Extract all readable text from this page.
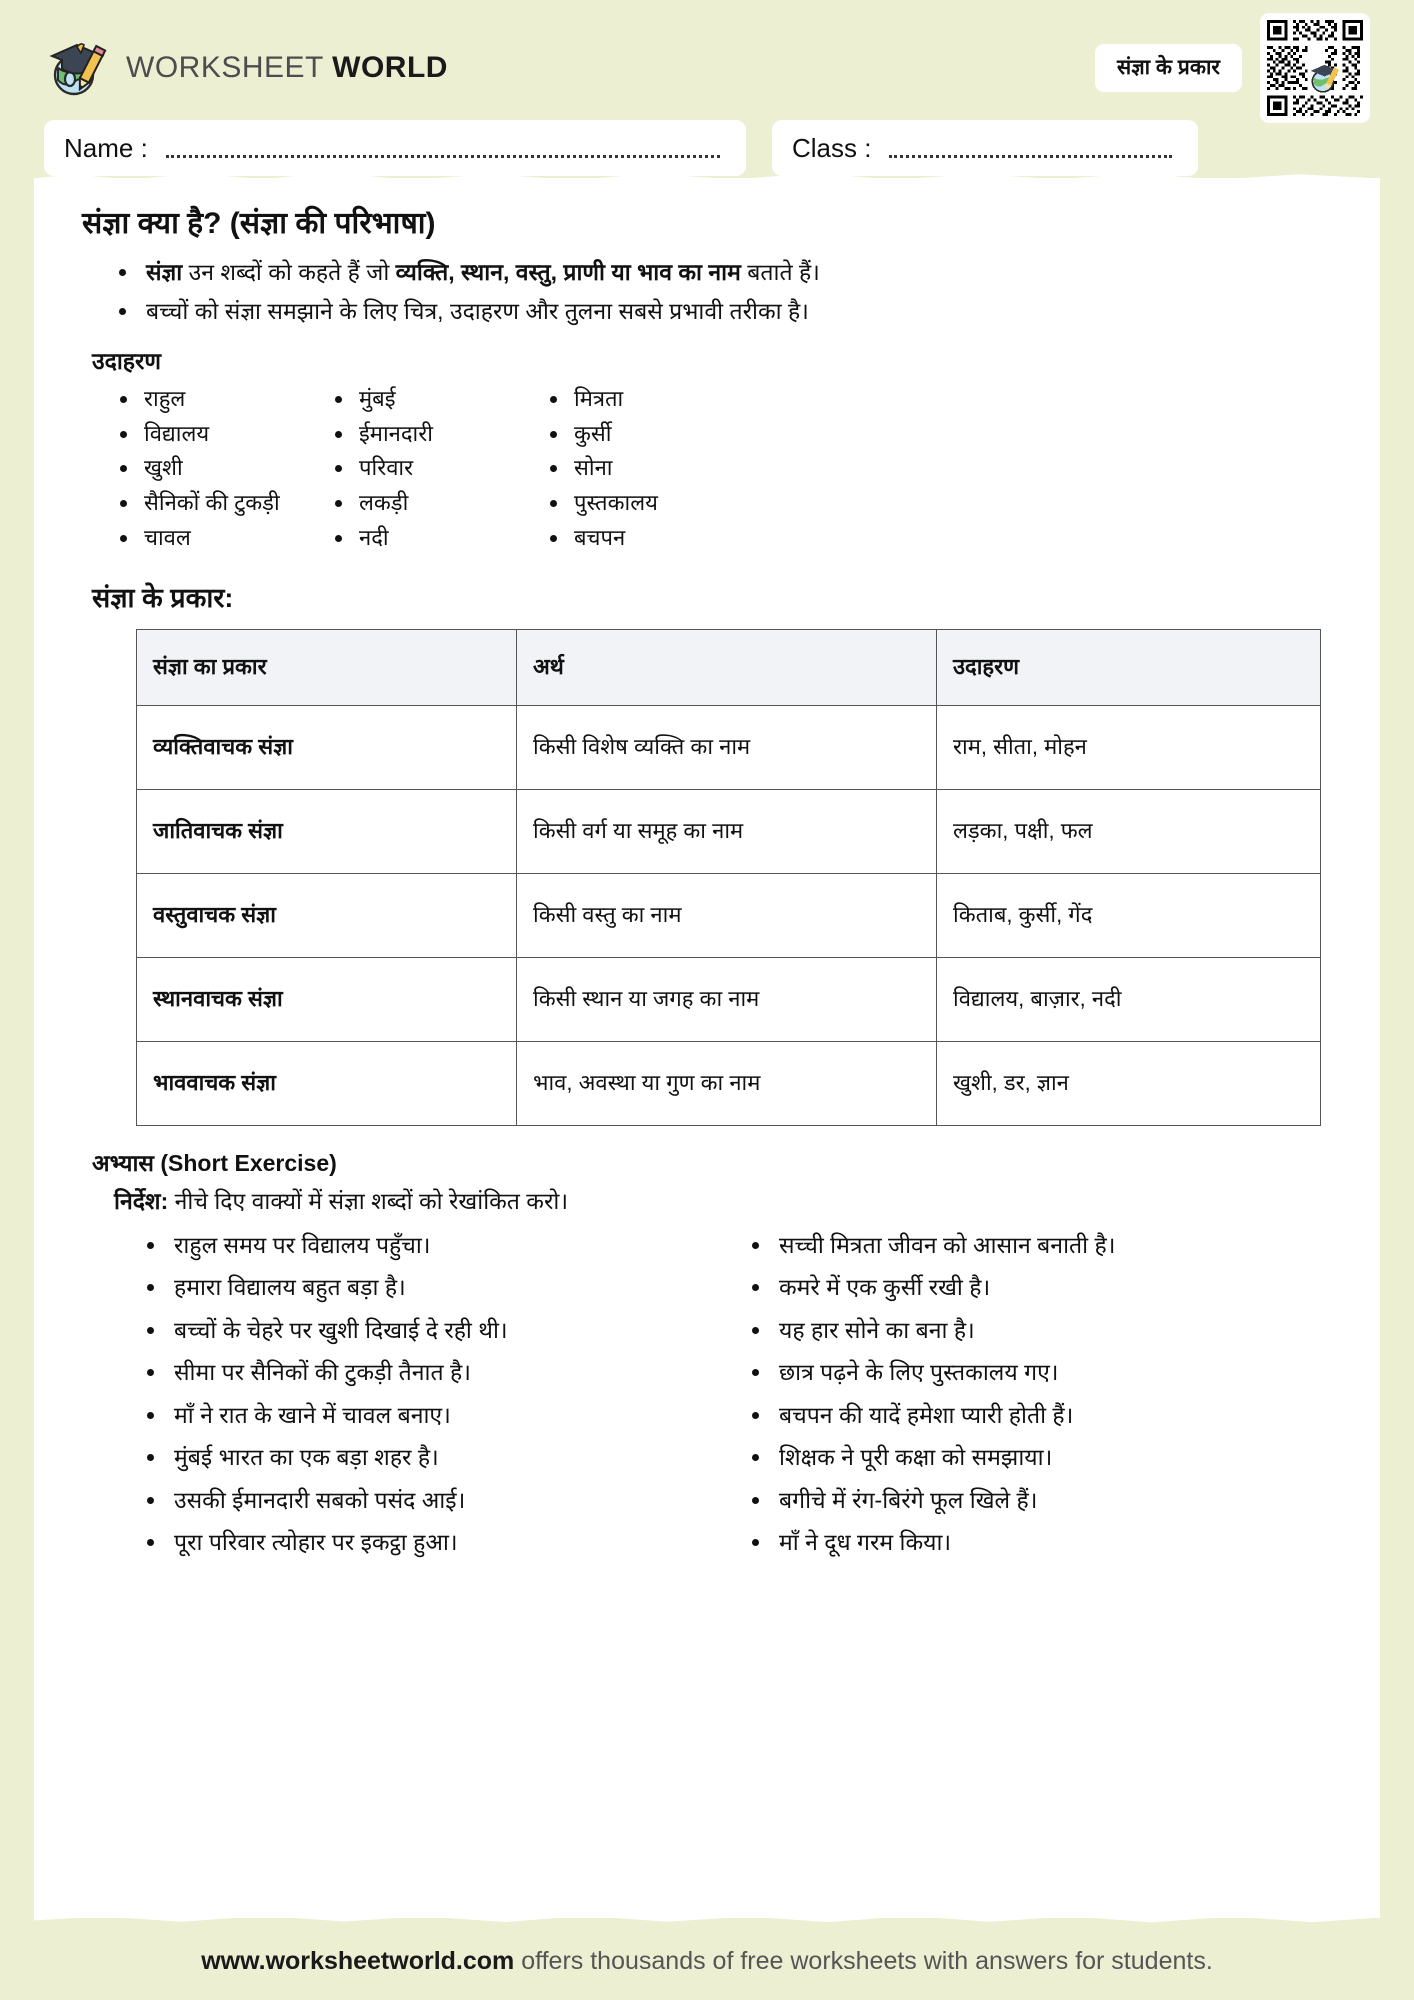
WORKSHEET WORLD	संज्ञा के प्रकार
Name :	Class :
संज्ञा क्या है? (संज्ञा की परिभाषा)
• संज्ञा उन शब्दों को कहते हैं जो व्यक्ति, स्थान, वस्तु, प्राणी या भाव का नाम बताते हैं।
• बच्चों को संज्ञा समझाने के लिए चित्र, उदाहरण और तुलना सबसे प्रभावी तरीका है।
उदाहरण
• राहुल
• विद्यालय
• खुशी
• सैनिकों की टुकड़ी
• चावल
• मुंबई
• ईमानदारी
• परिवार
• लकड़ी
• नदी
• मित्रता
• कुर्सी
• सोना
• पुस्तकालय
• बचपन
संज्ञा के प्रकार:
संज्ञा का प्रकार	अर्थ	उदाहरण
व्यक्तिवाचक संज्ञा	किसी विशेष व्यक्ति का नाम	राम, सीता, मोहन
जातिवाचक संज्ञा	किसी वर्ग या समूह का नाम	लड़का, पक्षी, फल
वस्तुवाचक संज्ञा	किसी वस्तु का नाम	किताब, कुर्सी, गेंद
स्थानवाचक संज्ञा	किसी स्थान या जगह का नाम	विद्यालय, बाज़ार, नदी
भाववाचक संज्ञा	भाव, अवस्था या गुण का नाम	खुशी, डर, ज्ञान
अभ्यास (Short Exercise)
निर्देश: नीचे दिए वाक्यों में संज्ञा शब्दों को रेखांकित करो।
• राहुल समय पर विद्यालय पहुँचा।
• हमारा विद्यालय बहुत बड़ा है।
• बच्चों के चेहरे पर खुशी दिखाई दे रही थी।
• सीमा पर सैनिकों की टुकड़ी तैनात है।
• माँ ने रात के खाने में चावल बनाए।
• मुंबई भारत का एक बड़ा शहर है।
• उसकी ईमानदारी सबको पसंद आई।
• पूरा परिवार त्योहार पर इकट्ठा हुआ।
• सच्ची मित्रता जीवन को आसान बनाती है।
• कमरे में एक कुर्सी रखी है।
• यह हार सोने का बना है।
• छात्र पढ़ने के लिए पुस्तकालय गए।
• बचपन की यादें हमेशा प्यारी होती हैं।
• शिक्षक ने पूरी कक्षा को समझाया।
• बगीचे में रंग-बिरंगे फूल खिले हैं।
• माँ ने दूध गरम किया।
www.worksheetworld.com offers thousands of free worksheets with answers for students.
